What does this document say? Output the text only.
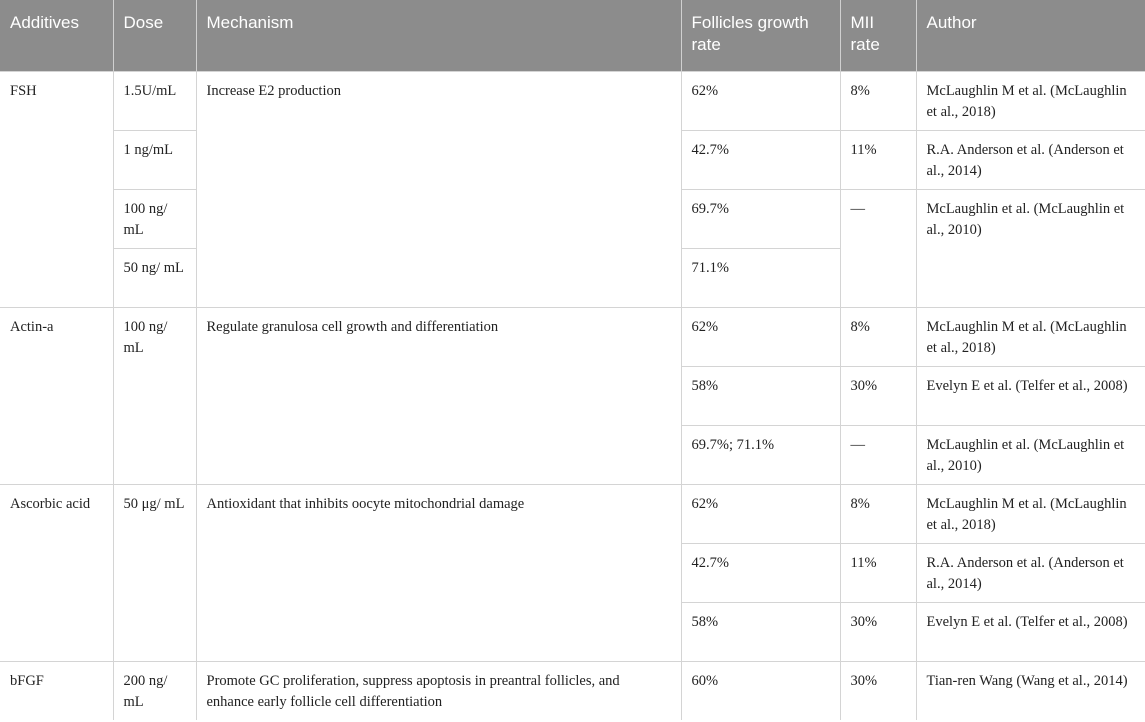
Additives	Dose	Mechanism	Follicles growth rate	MII rate	Author
FSH	1.5U/mL	Increase E2 production	62%	8%	McLaughlin M et al. (McLaughlin et al., 2018)
	1 ng/mL		42.7%	11%	R.A. Anderson et al. (Anderson et al., 2014)
	100 ng/ mL		69.7%	—	McLaughlin et al. (McLaughlin et al., 2010)
	50 ng/ mL		71.1%		
Actin-a	100 ng/ mL	Regulate granulosa cell growth and differentiation	62%	8%	McLaughlin M et al. (McLaughlin et al., 2018)
			58%	30%	Evelyn E et al. (Telfer et al., 2008)
			69.7%; 71.1%	—	McLaughlin et al. (McLaughlin et al., 2010)
Ascorbic acid	50 μg/ mL	Antioxidant that inhibits oocyte mitochondrial damage	62%	8%	McLaughlin M et al. (McLaughlin et al., 2018)
			42.7%	11%	R.A. Anderson et al. (Anderson et al., 2014)
			58%	30%	Evelyn E et al. (Telfer et al., 2008)
bFGF	200 ng/ mL	Promote GC proliferation, suppress apoptosis in preantral follicles, and enhance early follicle cell differentiation	60%	30%	Tian-ren Wang (Wang et al., 2014)
